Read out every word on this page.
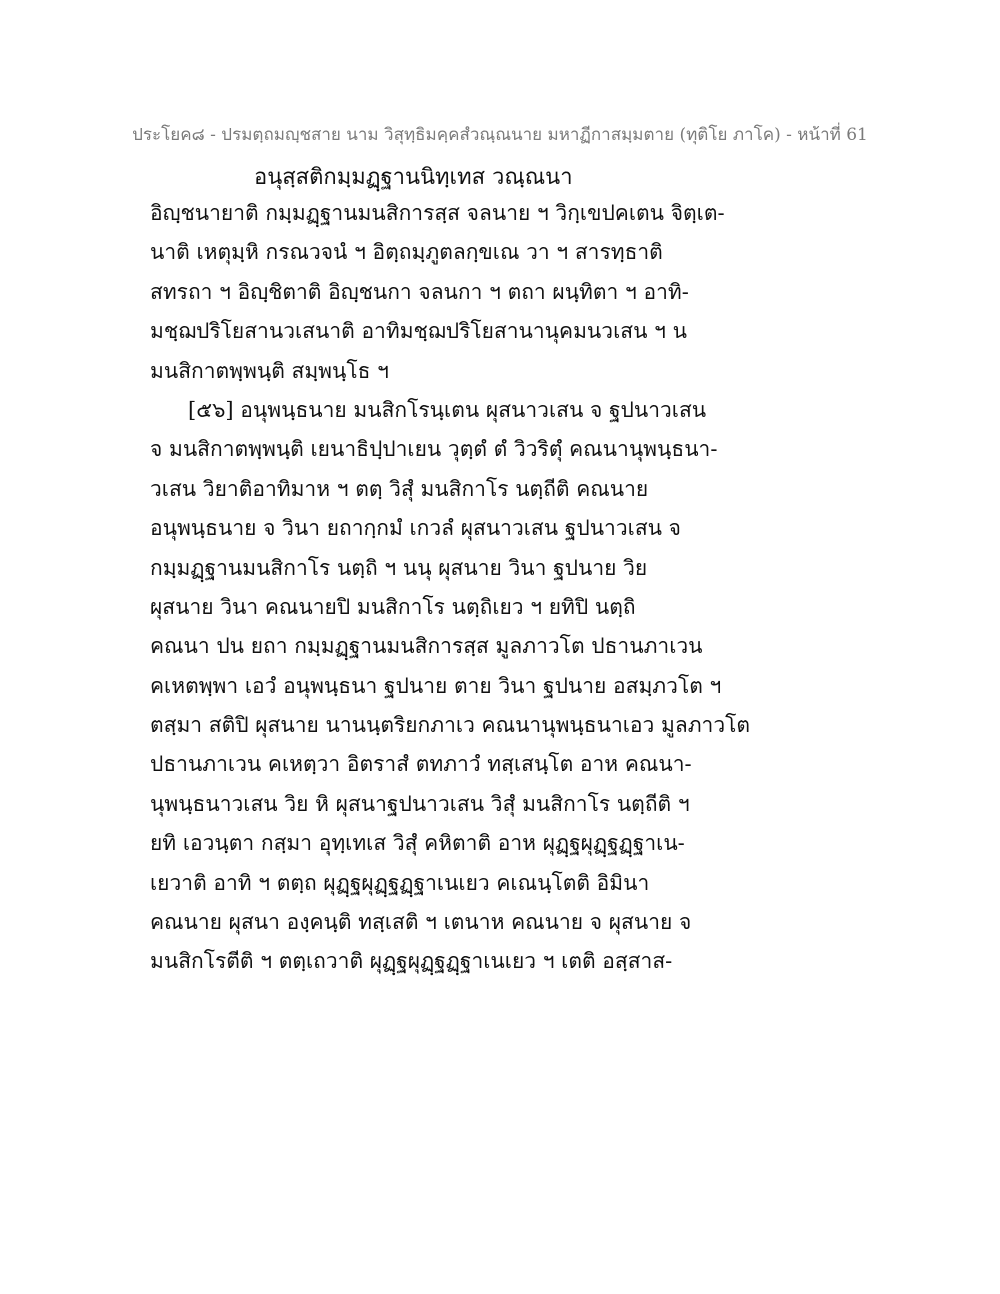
ประโยค๘ - ปรมตฺถมญฺชสาย นาม วิสุทฺธิมคฺคสํวณฺณนาย มหาฏีกาสมฺมตาย (ทุติโย ภาโค) - หน้าที่ 61
อนุสฺสติกมฺมฏฺฐานนิทฺเทส วณฺณนา
อิญฺชนายาติ กมฺมฏฺฐานมนสิการสฺส จลนาย ฯ วิกฺเขปคเตน จิตฺเต-
นาติ เหตุมฺหิ กรณวจนํ ฯ อิตฺถมฺภูตลกฺขเณ วา ฯ สารทฺธาติ
สทรถา ฯ อิญฺชิตาติ อิญฺชนกา จลนกา ฯ ตถา ผนฺทิตา ฯ อาทิ-
มชฺฌปริโยสานวเสนาติ อาทิมชฺฌปริโยสานานุคมนวเสน ฯ น
มนสิกาตพฺพนฺติ สมฺพนฺโธ ฯ
[๕๖] อนุพนฺธนาย มนสิกโรนฺเตน ผุสนาวเสน จ ฐปนาวเสน
จ มนสิกาตพฺพนฺติ เยนาธิปฺปาเยน วุตฺตํ ตํ วิวริตุํ คณนานุพนฺธนา-
วเสน วิยาติอาทิมาห ฯ ตตฺ วิสุํ มนสิกาโร นตฺถีติ คณนาย
อนุพนฺธนาย จ วินา ยถากฺกมํ เกวลํ ผุสนาวเสน ฐปนาวเสน จ
กมฺมฏฺฐานมนสิกาโร นตฺถิ ฯ นนุ ผุสนาย วินา ฐปนาย วิย
ผุสนาย วินา คณนายปิ มนสิกาโร นตฺถิเยว ฯ ยทิปิ นตฺถิ
คณนา ปน ยถา กมฺมฏฺฐานมนสิการสฺส มูลภาวโต ปธานภาเวน
คเหตพฺพา เอวํ อนุพนฺธนา ฐปนาย ตาย วินา ฐปนาย อสมฺภวโต ฯ
ตสฺมา สติปิ ผุสนาย นานนฺตริยกภาเว คณนานุพนฺธนาเอว มูลภาวโต
ปธานภาเวน คเหตฺวา อิตราสํ ตทภาวํ ทสฺเสนฺโต อาห คณนา-
นุพนฺธนาวเสน วิย หิ ผุสนาฐปนาวเสน วิสุํ มนสิกาโร นตฺถีติ ฯ
ยทิ เอวนฺตา กสฺมา อุทฺเทเส วิสุํ คหิตาติ อาห ผุฏฺฐผุฏฺฐฏฺฐาเน-
เยวาติ อาทิ ฯ ตตฺถ ผุฏฺฐผุฏฺฐฏฺฐาเนเยว คเณนฺโตติ อิมินา
คณนาย ผุสนา องฺคนฺติ ทสฺเสติ ฯ เตนาห คณนาย จ ผุสนาย จ
มนสิกโรตีติ ฯ ตตฺเถวาติ ผุฏฺฐผุฏฺฐฏฺฐาเนเยว ฯ เตติ อสฺสาส-
